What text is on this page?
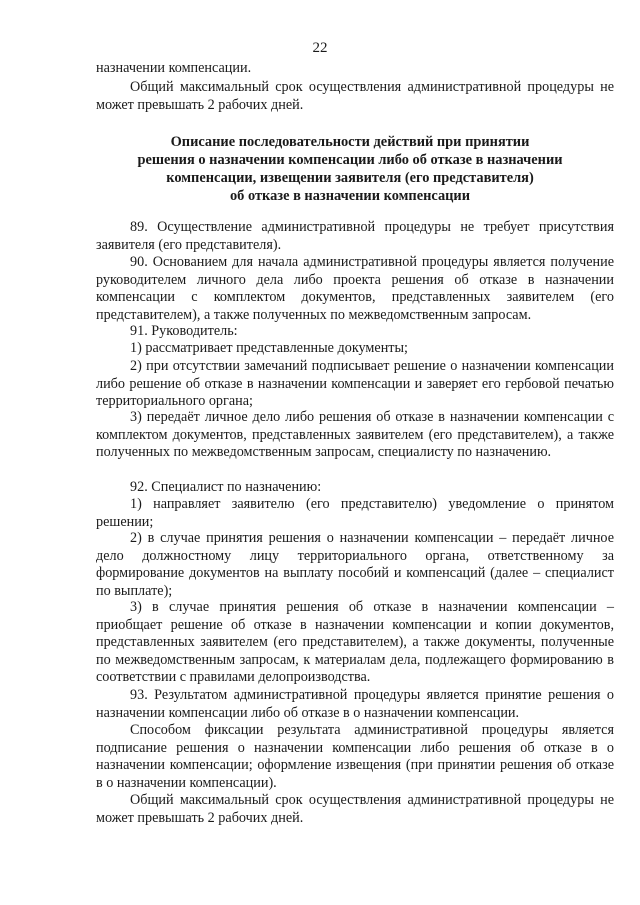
22

назначении компенсации.

Общий максимальный срок осуществления административной процедуры не может превышать 2 рабочих дней.

Описание последовательности действий при принятии
решения о назначении компенсации либо об отказе в назначении
компенсации, извещении заявителя (его представителя)
об отказе в назначении компенсации

89. Осуществление административной процедуры не требует присутствия заявителя (его представителя).

90. Основанием для начала административной процедуры является получение руководителем личного дела либо проекта решения об отказе в назначении компенсации с комплектом документов, представленных заявителем (его представителем), а также полученных по межведомственным запросам.

91. Руководитель:

1) рассматривает представленные документы;

2) при отсутствии замечаний подписывает решение о назначении компенсации либо решение об отказе в назначении компенсации и заверяет его гербовой печатью территориального органа;

3) передаёт личное дело либо решения об отказе в назначении компенсации с комплектом документов, представленных заявителем (его представителем), а также полученных по межведомственным запросам, специалисту по назначению.

92. Специалист по назначению:

1) направляет заявителю (его представителю) уведомление о принятом решении;

2) в случае принятия решения о назначении компенсации – передаёт личное дело должностному лицу территориального органа, ответственному за формирование документов на выплату пособий и компенсаций (далее – специалист по выплате);

3) в случае принятия решения об отказе в назначении компенсации – приобщает решение об отказе в назначении компенсации и копии документов, представленных заявителем (его представителем), а также документы, полученные по межведомственным запросам, к материалам дела, подлежащего формированию в соответствии с правилами делопроизводства.

93. Результатом административной процедуры является принятие решения о назначении компенсации либо об отказе в о назначении компенсации.

Способом фиксации результата административной процедуры является подписание решения о назначении компенсации либо решения об отказе в о назначении компенсации; оформление извещения (при принятии решения об отказе в о назначении компенсации).

Общий максимальный срок осуществления административной процедуры не может превышать 2 рабочих дней.
